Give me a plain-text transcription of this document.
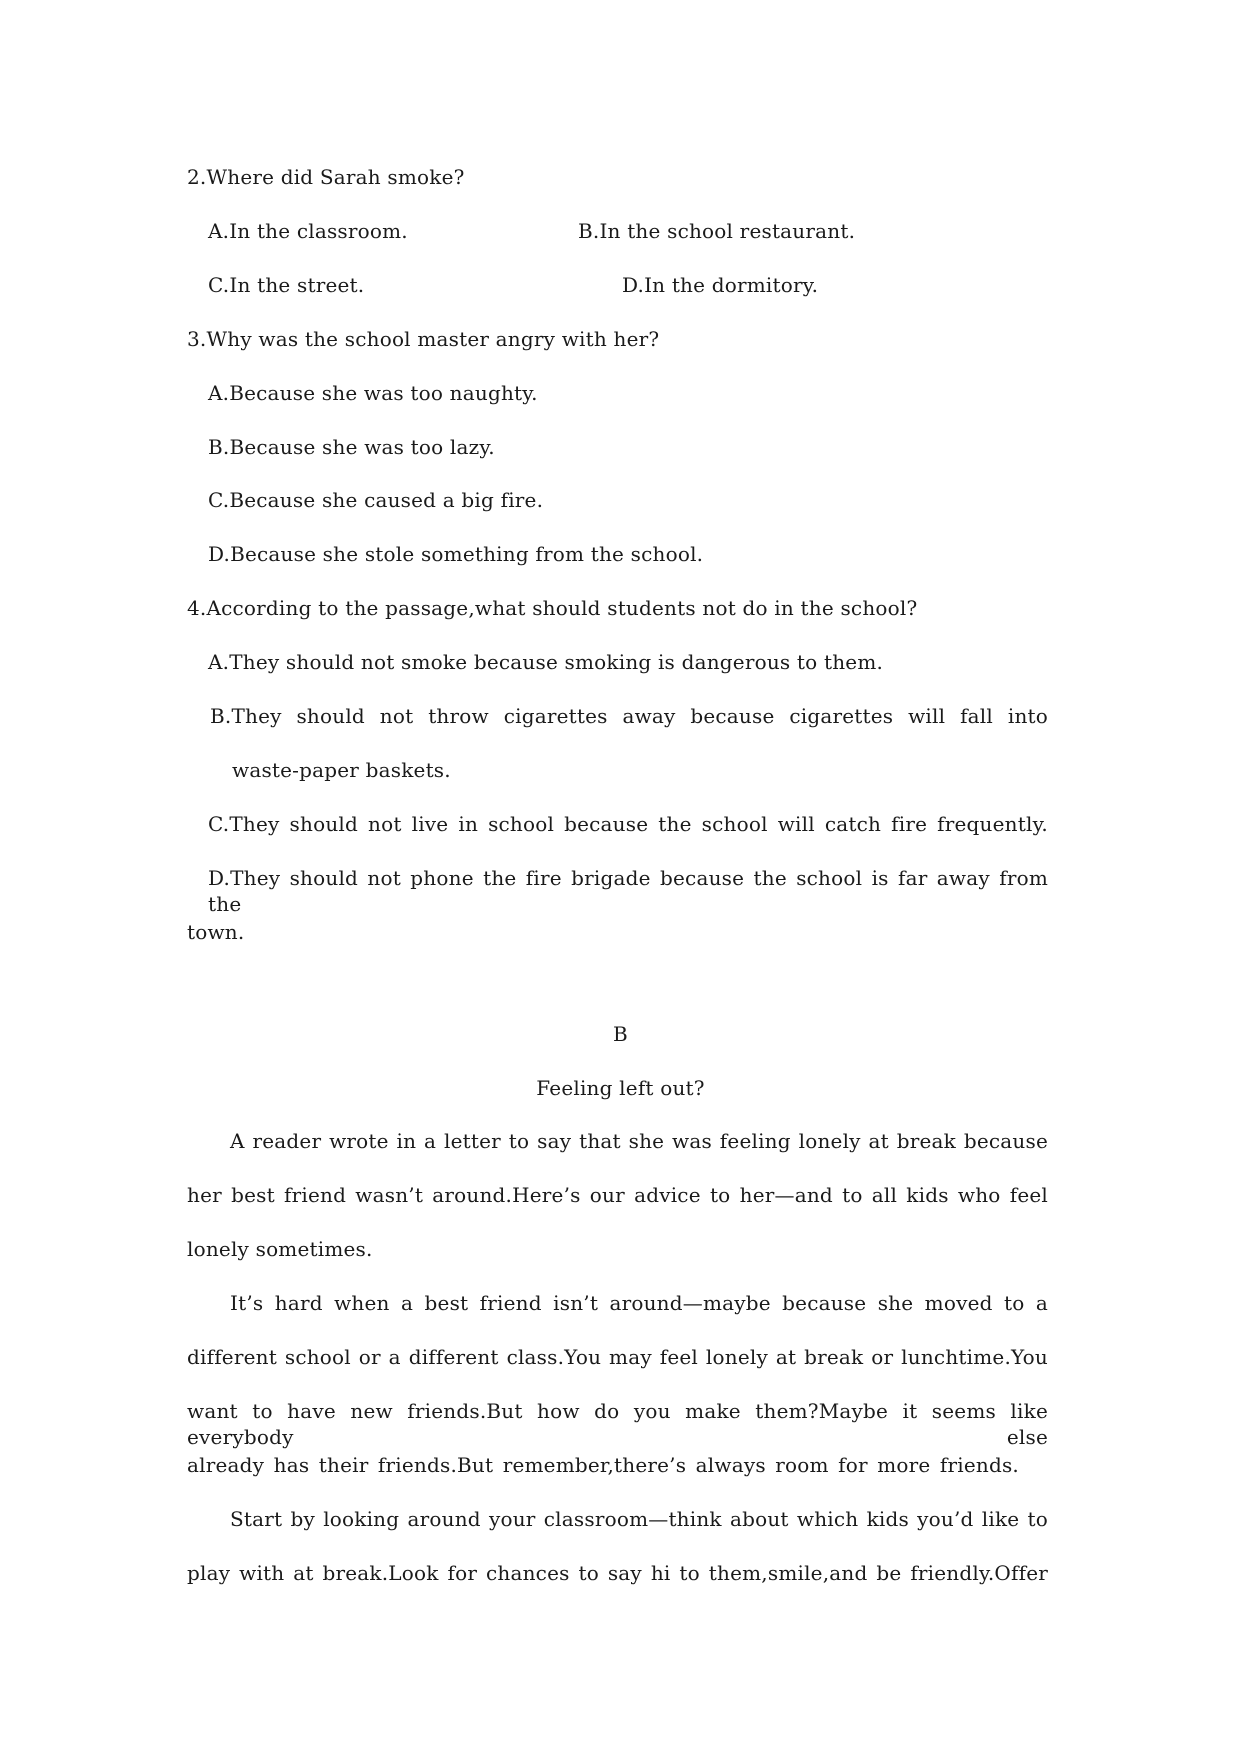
2.Where did Sarah smoke?
A.In the classroom.	B.In the school restaurant.
C.In the street.	D.In the dormitory.
3.Why was the school master angry with her?
A.Because she was too naughty.
B.Because she was too lazy.
C.Because she caused a big fire.
D.Because she stole something from the school.
4.According to the passage,what should students not do in the school?
A.They should not smoke because smoking is dangerous to them.
B.They should not throw cigarettes away because cigarettes will fall into
waste-paper baskets.
C.They should not live in school because the school will catch fire frequently.
D.They should not phone the fire brigade because the school is far away from the
town.
B
Feeling left out?
A reader wrote in a letter to say that she was feeling lonely at break because
her best friend wasn’t around.Here’s our advice to her—and to all kids who feel
lonely sometimes.
It’s hard when a best friend isn’t around—maybe because she moved to a
different school or a different class.You may feel lonely at break or lunchtime.You
want to have new friends.But how do you make them?Maybe it seems like everybody else
already has their friends.But remember,there’s always room for more friends.
Start by looking around your classroom—think about which kids you’d like to
play with at break.Look for chances to say hi to them,smile,and be friendly.Offer
